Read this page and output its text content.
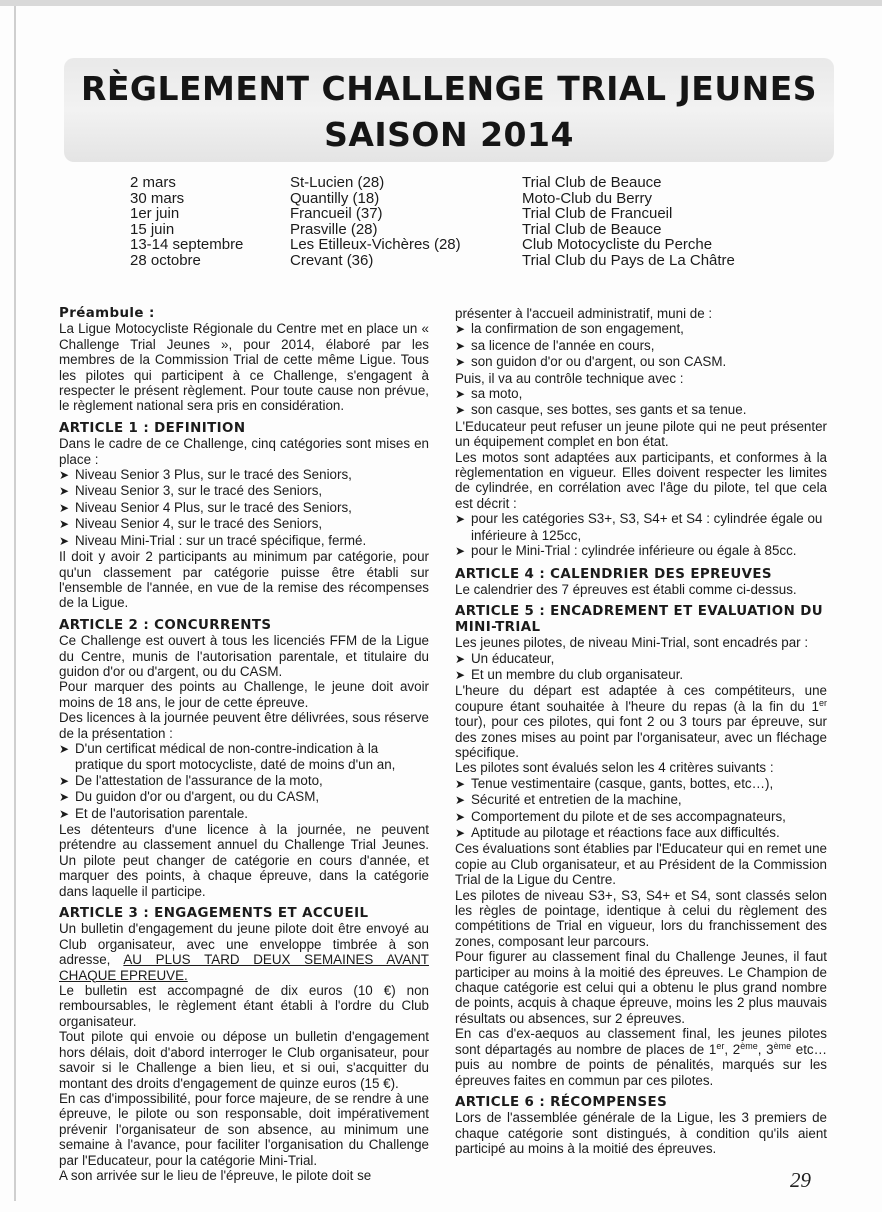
RÈGLEMENT CHALLENGE TRIAL JEUNES
SAISON 2014
2 mars
30 mars
1er juin
15 juin
13-14 septembre
28 octobre
St-Lucien (28)
Quantilly (18)
Francueil (37)
Prasville (28)
Les Etilleux-Vichères (28)
Crevant (36)
Trial Club de Beauce
Moto-Club du Berry
Trial Club de Francueil
Trial Club de Beauce
Club Motocycliste du Perche
Trial Club du Pays de La Châtre
Préambule :

La Ligue Motocycliste Régionale du Centre met en place un « Challenge Trial Jeunes », pour 2014, élaboré par les membres de la Commission Trial de cette même Ligue. Tous les pilotes qui participent à ce Challenge, s'engagent à respecter le présent règlement. Pour toute cause non prévue, le règlement national sera pris en considération.

ARTICLE 1 : DEFINITION

Dans le cadre de ce Challenge, cinq catégories sont mises en place :

➤ Niveau Senior 3 Plus, sur le tracé des Seniors,
➤ Niveau Senior 3, sur le tracé des Seniors,
➤ Niveau Senior 4 Plus, sur le tracé des Seniors,
➤ Niveau Senior 4, sur le tracé des Seniors,
➤ Niveau Mini-Trial : sur un tracé spécifique, fermé.

Il doit y avoir 2 participants au minimum par catégorie, pour qu'un classement par catégorie puisse être établi sur l'ensemble de l'année, en vue de la remise des récompenses de la Ligue.

ARTICLE 2 : CONCURRENTS

Ce Challenge est ouvert à tous les licenciés FFM de la Ligue du Centre, munis de l'autorisation parentale, et titulaire du guidon d'or ou d'argent, ou du CASM.

Pour marquer des points au Challenge, le jeune doit avoir moins de 18 ans, le jour de cette épreuve.

Des licences à la journée peuvent être délivrées, sous réserve de la présentation :

➤ D'un certificat médical de non-contre-indication à la pratique du sport motocycliste, daté de moins d'un an,
➤ De l'attestation de l'assurance de la moto,
➤ Du guidon d'or ou d'argent, ou du CASM,
➤ Et de l'autorisation parentale.

Les détenteurs d'une licence à la journée, ne peuvent prétendre au classement annuel du Challenge Trial Jeunes. Un pilote peut changer de catégorie en cours d'année, et marquer des points, à chaque épreuve, dans la catégorie dans laquelle il participe.

ARTICLE 3 : ENGAGEMENTS ET ACCUEIL

Un bulletin d'engagement du jeune pilote doit être envoyé au Club organisateur, avec une enveloppe timbrée à son adresse, AU PLUS TARD DEUX SEMAINES AVANT CHAQUE EPREUVE.

Le bulletin est accompagné de dix euros (10 €) non remboursables, le règlement étant établi à l'ordre du Club organisateur.

Tout pilote qui envoie ou dépose un bulletin d'engagement hors délais, doit d'abord interroger le Club organisateur, pour savoir si le Challenge a bien lieu, et si oui, s'acquitter du montant des droits d'engagement de quinze euros (15 €).

En cas d'impossibilité, pour force majeure, de se rendre à une épreuve, le pilote ou son responsable, doit impérativement prévenir l'organisateur de son absence, au minimum une semaine à l'avance, pour faciliter l'organisation du Challenge par l'Educateur, pour la catégorie Mini-Trial.

A son arrivée sur le lieu de l'épreuve, le pilote doit se

présenter à l'accueil administratif, muni de :

➤ la confirmation de son engagement,
➤ sa licence de l'année en cours,
➤ son guidon d'or ou d'argent, ou son CASM.

Puis, il va au contrôle technique avec :

➤ sa moto,
➤ son casque, ses bottes, ses gants et sa tenue.

L'Educateur peut refuser un jeune pilote qui ne peut présenter un équipement complet en bon état.

Les motos sont adaptées aux participants, et conformes à la règlementation en vigueur. Elles doivent respecter les limites de cylindrée, en corrélation avec l'âge du pilote, tel que cela est décrit :

➤ pour les catégories S3+, S3, S4+ et S4 : cylindrée égale ou inférieure à 125cc,
➤ pour le Mini-Trial : cylindrée inférieure ou égale à 85cc.
ARTICLE 4 : CALENDRIER DES EPREUVES

Le calendrier des 7 épreuves est établi comme ci-dessus.

ARTICLE 5 : ENCADREMENT ET EVALUATION DU MINI-TRIAL

Les jeunes pilotes, de niveau Mini-Trial, sont encadrés par :

➤ Un éducateur,
➤ Et un membre du club organisateur.

L'heure du départ est adaptée à ces compétiteurs, une coupure étant souhaitée à l'heure du repas (à la fin du 1er tour), pour ces pilotes, qui font 2 ou 3 tours par épreuve, sur des zones mises au point par l'organisateur, avec un fléchage spécifique.

Les pilotes sont évalués selon les 4 critères suivants :

➤ Tenue vestimentaire (casque, gants, bottes, etc…),
➤ Sécurité et entretien de la machine,
➤ Comportement du pilote et de ses accompagnateurs,
➤ Aptitude au pilotage et réactions face aux difficultés.

Ces évaluations sont établies par l'Educateur qui en remet une copie au Club organisateur, et au Président de la Commission Trial de la Ligue du Centre.

Les pilotes de niveau S3+, S3, S4+ et S4, sont classés selon les règles de pointage, identique à celui du règlement des compétitions de Trial en vigueur, lors du franchissement des zones, composant leur parcours.

Pour figurer au classement final du Challenge Jeunes, il faut participer au moins à la moitié des épreuves. Le Champion de chaque catégorie est celui qui a obtenu le plus grand nombre de points, acquis à chaque épreuve, moins les 2 plus mauvais résultats ou absences, sur 2 épreuves.

En cas d'ex-aequos au classement final, les jeunes pilotes sont départagés au nombre de places de 1er, 2ème, 3ème etc… puis au nombre de points de pénalités, marqués sur les épreuves faites en commun par ces pilotes.

ARTICLE 6 : RÉCOMPENSES

Lors de l'assemblée générale de la Ligue, les 3 premiers de chaque catégorie sont distingués, à condition qu'ils aient participé au moins à la moitié des épreuves.

29
